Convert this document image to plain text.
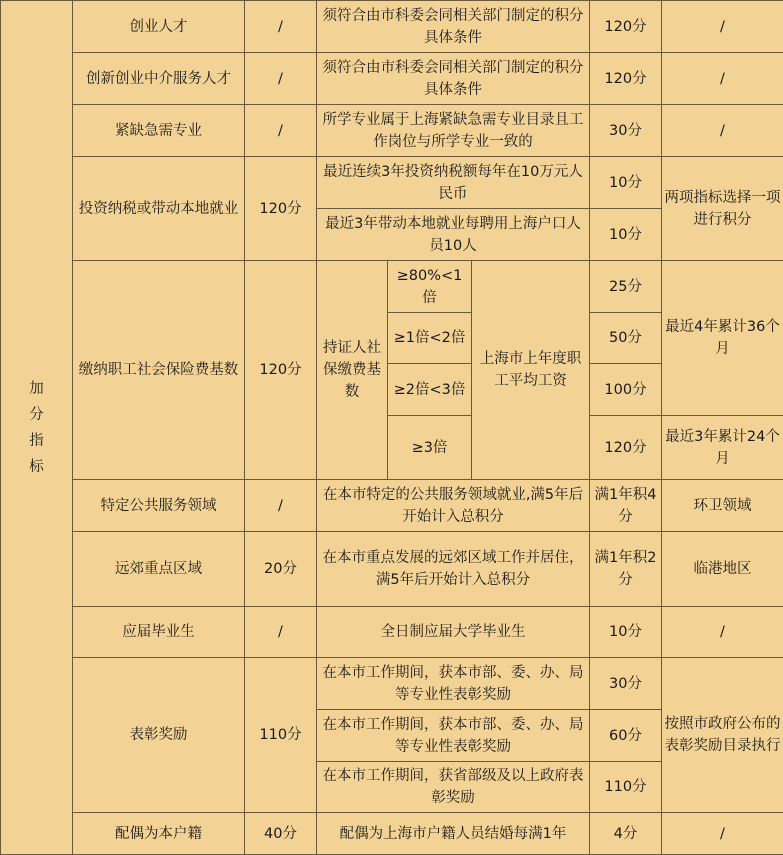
加
分
指
标	创业人才	/	须符合由市科委会同相关部门制定的积分具体条件			120分	/
	创新创业中介服务人才	/	须符合由市科委会同相关部门制定的积分具体条件			120分	/
	紧缺急需专业	/	所学专业属于上海紧缺急需专业目录且工作岗位与所学专业一致的			30分	/
	投资纳税或带动本地就业	120分	最近连续3年投资纳税额每年在10万元人民币			10分	两项指标选择一项进行积分
			最近3年带动本地就业每聘用上海户口人员10人			10分	
	缴纳职工社会保险费基数	120分	持证人社保缴费基数	≥80%<1倍	上海市上年度职工平均工资	25分	最近4年累计36个月
				≥1倍<2倍		50分	
				≥2倍<3倍		100分	
				≥3倍		120分	最近3年累计24个月
	特定公共服务领域	/	在本市特定的公共服务领域就业,满5年后开始计入总积分			满1年积4分	环卫领域
	远郊重点区域	20分	在本市重点发展的远郊区域工作并居住，满5年后开始计入总积分			满1年积2分	临港地区
	应届毕业生	/	全日制应届大学毕业生			10分	/
	表彰奖励	110分	在本市工作期间，获本市部、委、办、局等专业性表彰奖励			30分	按照市政府公布的表彰奖励目录执行
			在本市工作期间，获本市部、委、办、局等专业性表彰奖励			60分	
			在本市工作期间，获省部级及以上政府表彰奖励			110分	
	配偶为本户籍	40分	配偶为上海市户籍人员结婚每满1年			4分	/
